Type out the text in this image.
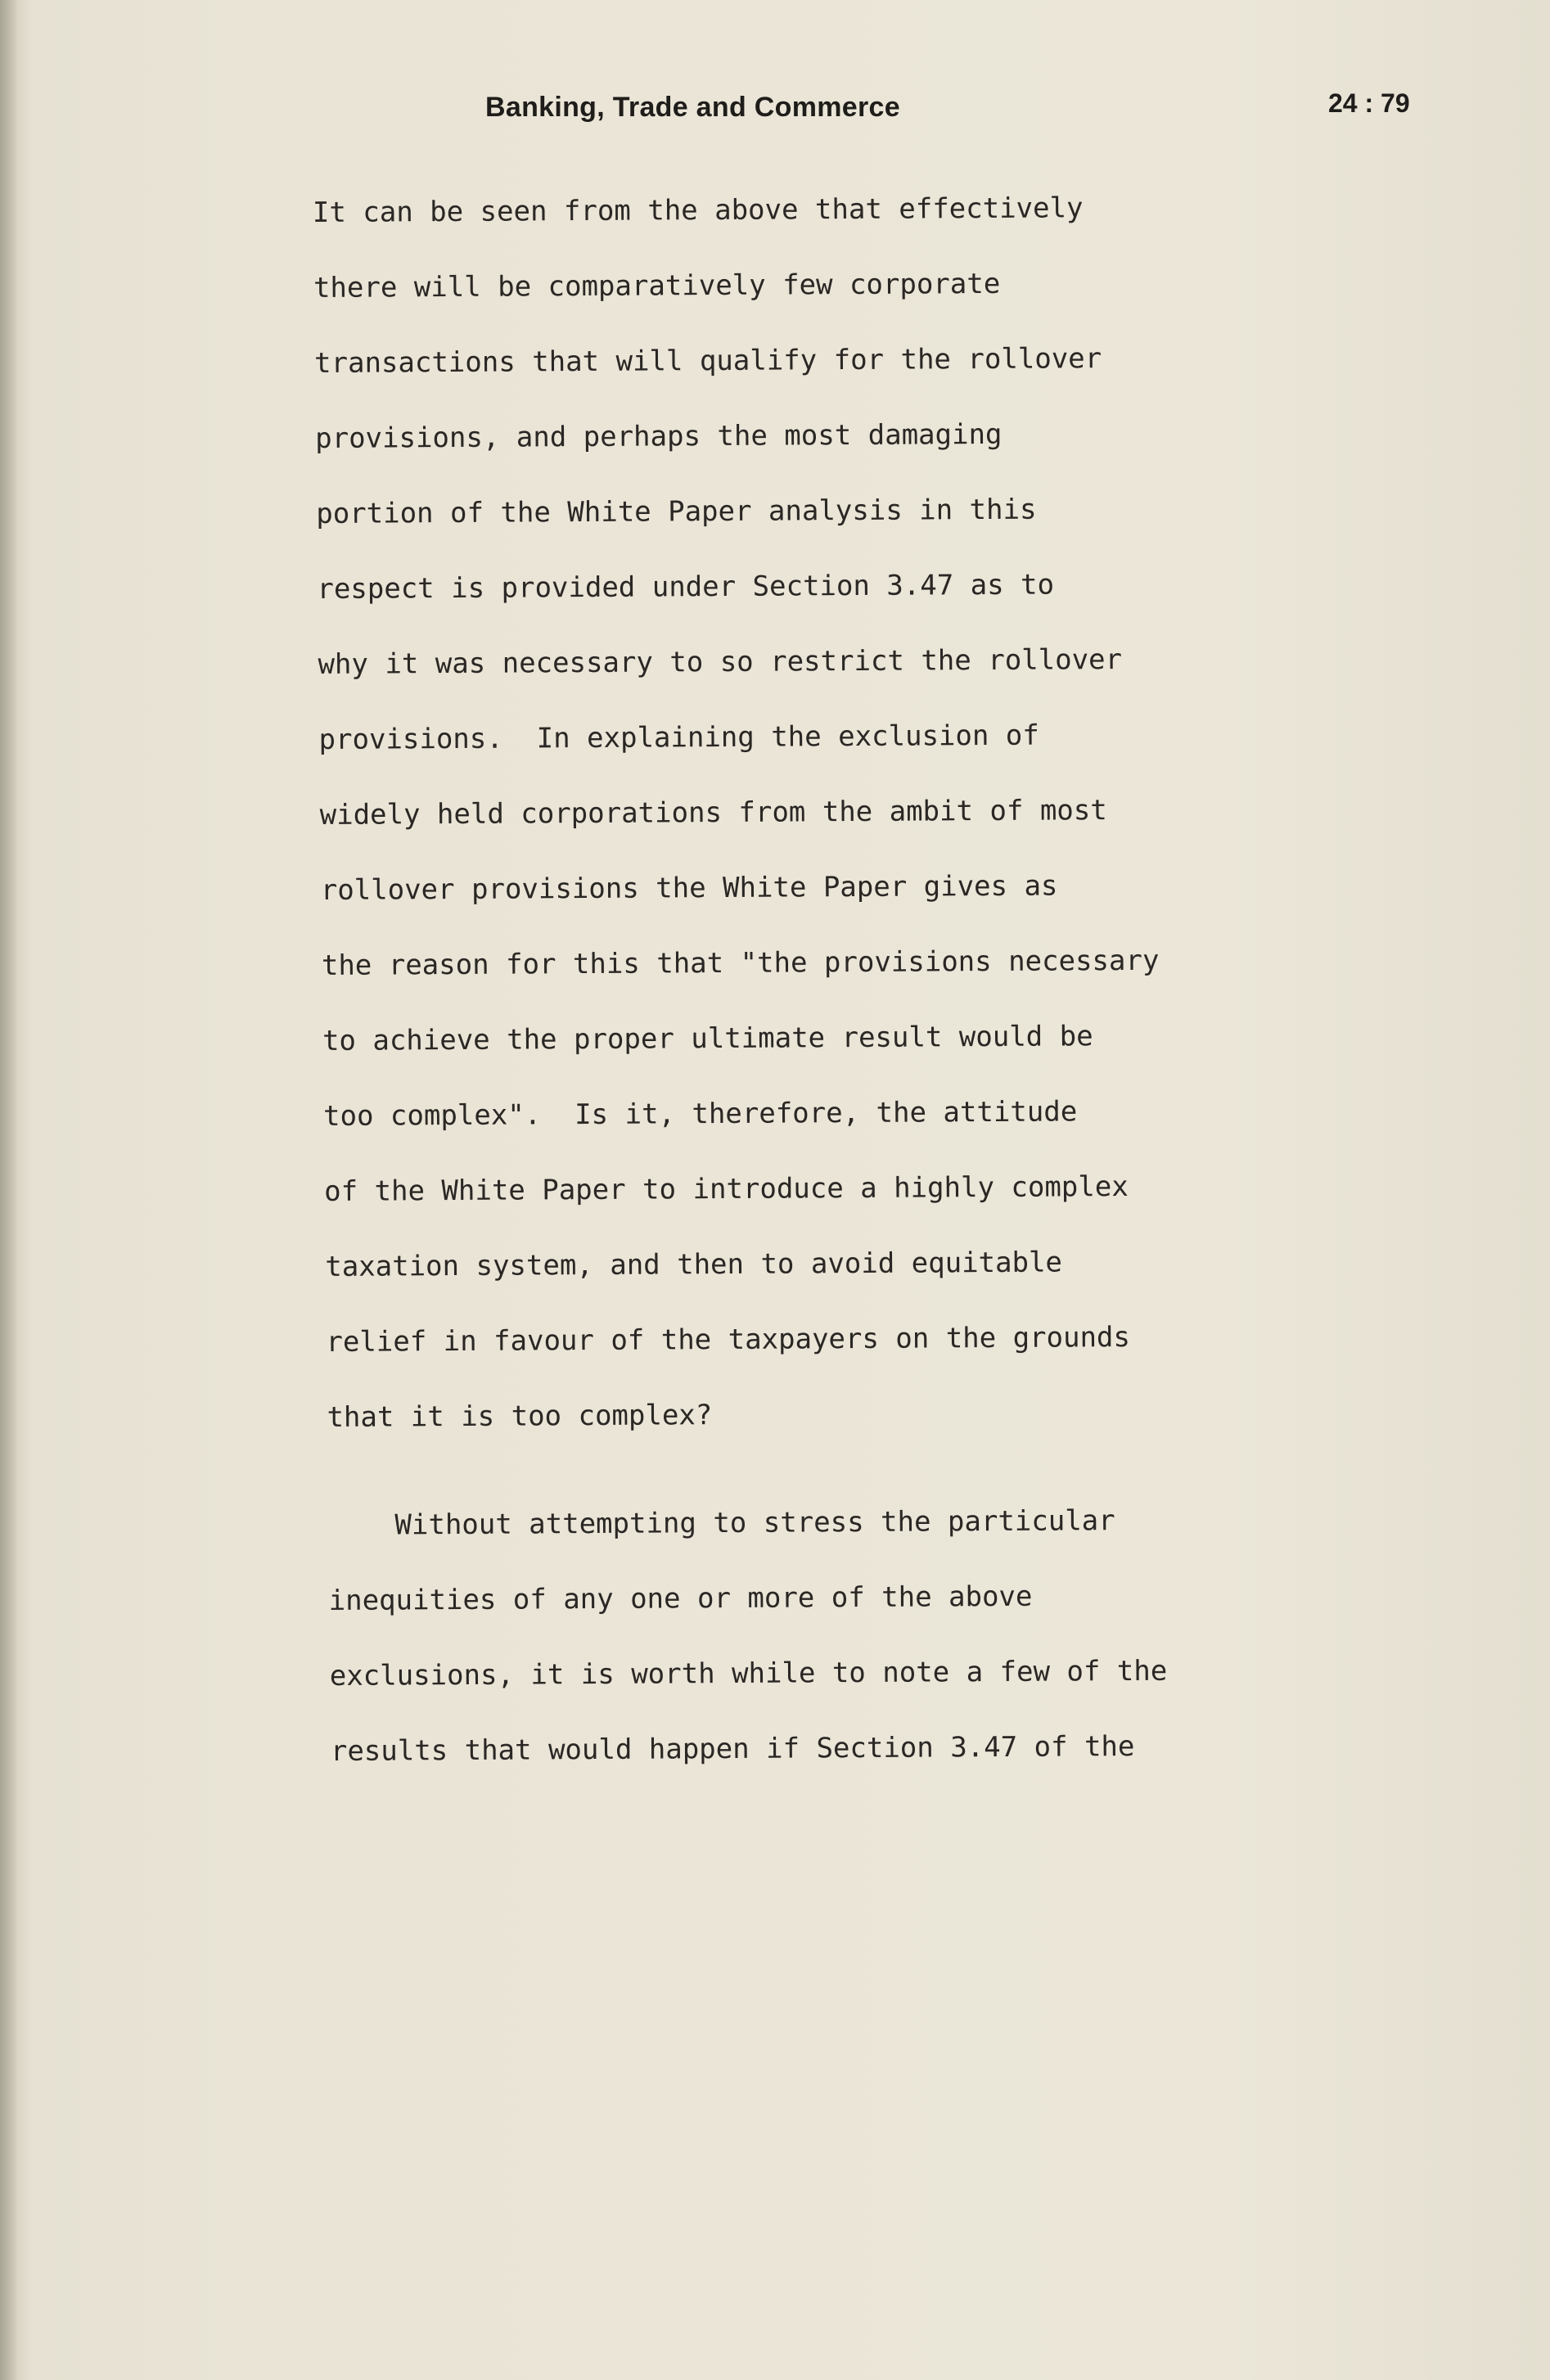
Banking, Trade and Commerce	24 : 79
It can be seen from the above that effectively
there will be comparatively few corporate
transactions that will qualify for the rollover
provisions, and perhaps the most damaging
portion of the White Paper analysis in this
respect is provided under Section 3.47 as to
why it was necessary to so restrict the rollover
provisions.  In explaining the exclusion of
widely held corporations from the ambit of most
rollover provisions the White Paper gives as
the reason for this that "the provisions necessary
to achieve the proper ultimate result would be
too complex".  Is it, therefore, the attitude
of the White Paper to introduce a highly complex
taxation system, and then to avoid equitable
relief in favour of the taxpayers on the grounds
that it is too complex?
Without attempting to stress the particular
inequities of any one or more of the above
exclusions, it is worth while to note a few of the
results that would happen if Section 3.47 of the
